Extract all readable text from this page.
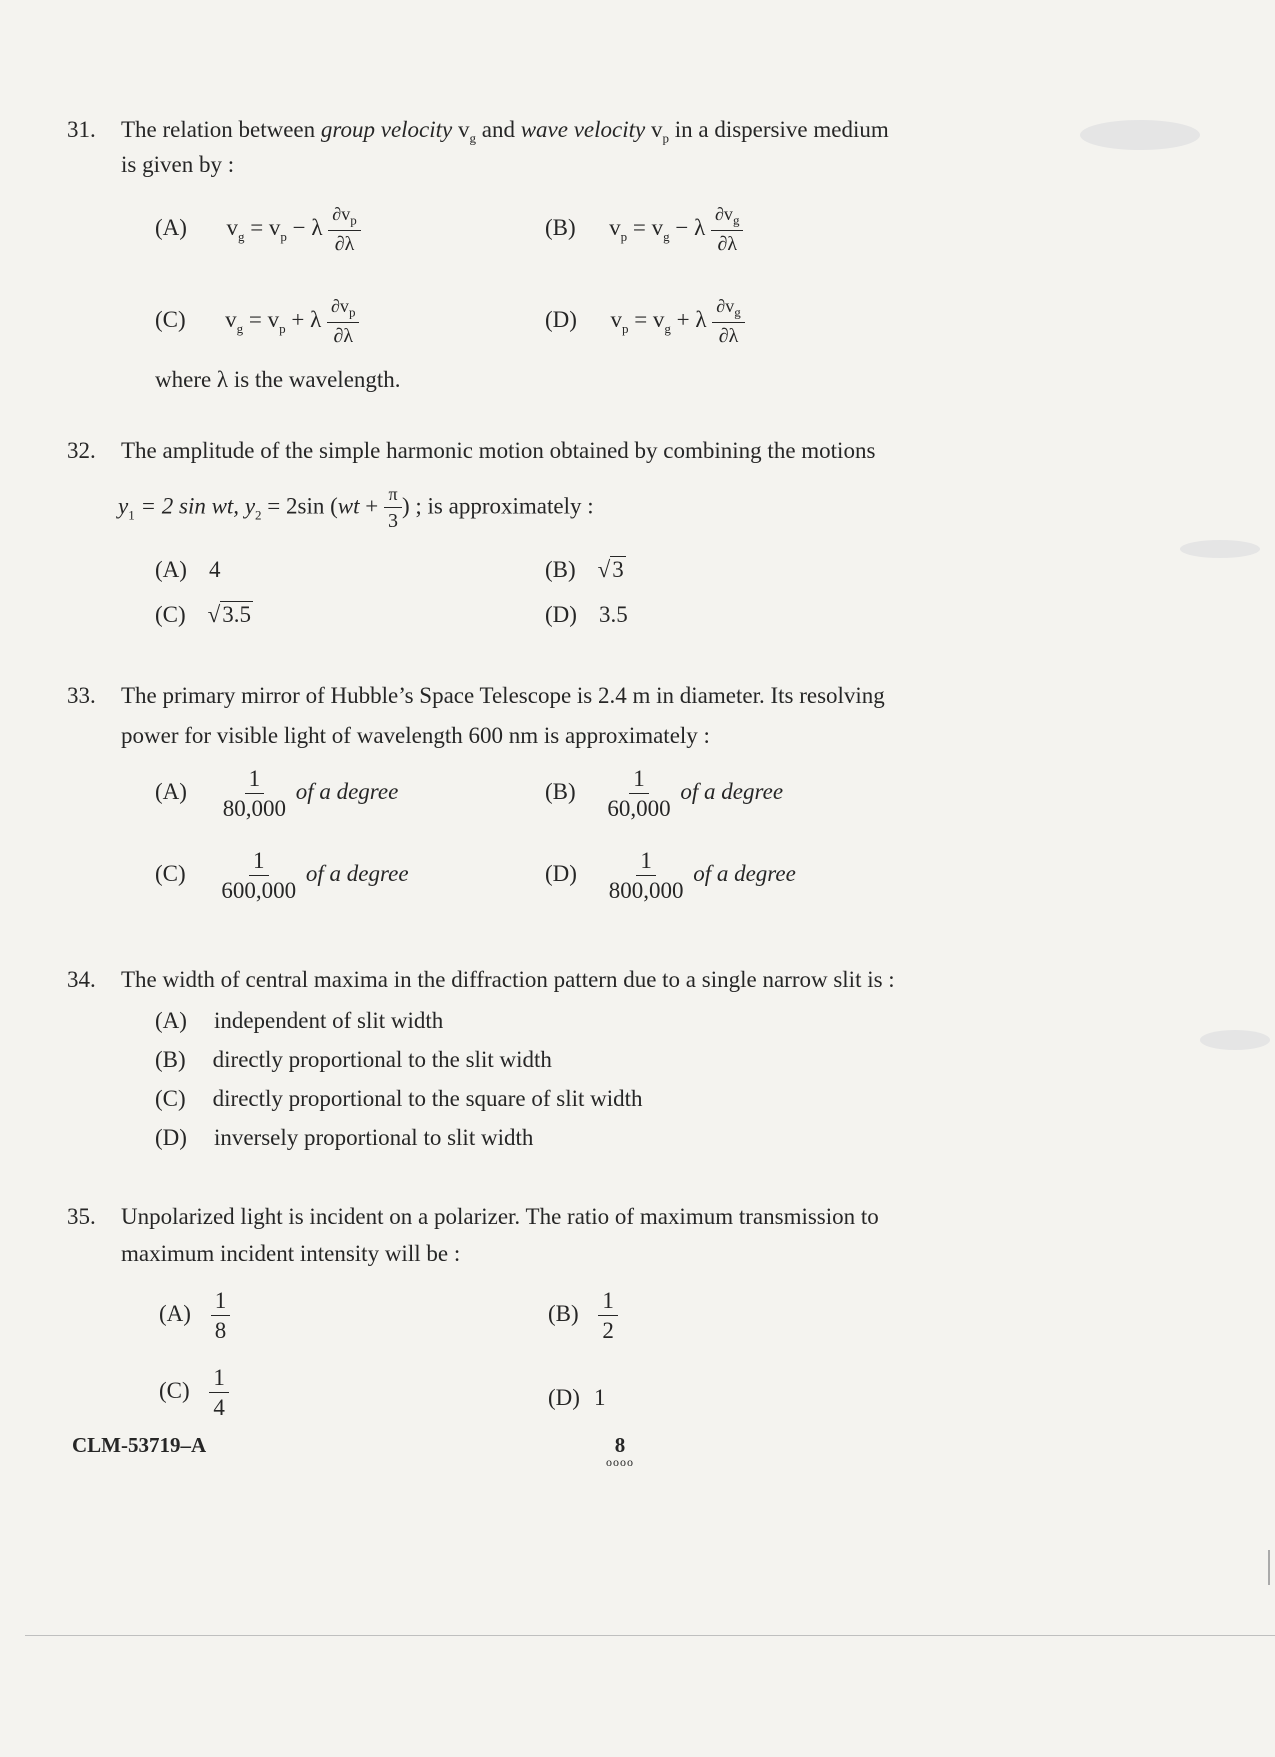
31. The relation between group velocity $v_g$ and wave velocity $v_p$ in a dispersive medium
is given by :
(A) $v_g = v_p - \lambda \frac{\partial v_p}{\partial\lambda}$	(B) $v_p = v_g - \lambda \frac{\partial v_g}{\partial\lambda}$
(C) $v_g = v_p + \lambda \frac{\partial v_p}{\partial\lambda}$	(D) $v_p = v_g + \lambda \frac{\partial v_g}{\partial\lambda}$
where λ is the wavelength.
32. The amplitude of the simple harmonic motion obtained by combining the motions
$y_1 = 2$ sin wt, $y_2 = 2\sin$ ($wt + \frac{\pi}{3}$ ) ; is approximately :
(A) 4	(B) √3
(C) √3.5	(D) 3.5
33. The primary mirror of Hubble’s Space Telescope is 2.4 m in diameter. Its resolving
power for visible light of wavelength 600 nm is approximately :
$(A) \frac{1}{80,000}$ of a degree	$(B) \frac{1}{60,000}$ of a degree
$(C) \frac{1}{600,000}$ of a degree	$(D) \frac{1}{800,000}$ of a degree
34. The width of central maxima in the diffraction pattern due to a single narrow slit is :
(A) independent of slit width
(B) directly proportional to the slit width
(C) directly proportional to the square of slit width
(D) inversely proportional to slit width
35. Unpolarized light is incident on a polarizer. The ratio of maximum transmission to
maximum incident intensity will be :
$(A) \frac{1}{8}$	$(B) \frac{1}{2}$
$(C) \frac{1}{4}$	(D) 1
CLM-53719–A	8
oooo
